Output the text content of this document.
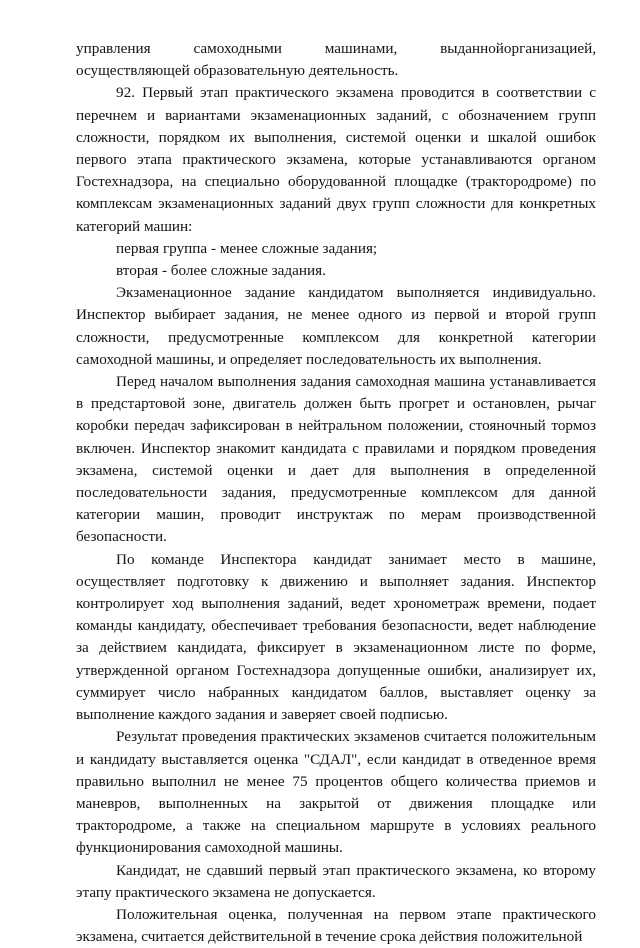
управления самоходными машинами, выданнойорганизацией, осуществляющей образовательную деятельность.

92. Первый этап практического экзамена проводится в соответствии с перечнем и вариантами экзаменационных заданий, с обозначением групп сложности, порядком их выполнения, системой оценки и шкалой ошибок первого этапа практического экзамена, которые устанавливаются органом Гостехнадзора, на специально оборудованной площадке (трактородроме) по комплексам экзаменационных заданий двух групп сложности для конкретных категорий машин:

первая группа - менее сложные задания;

вторая - более сложные задания.

Экзаменационное задание кандидатом выполняется индивидуально. Инспектор выбирает задания, не менее одного из первой и второй групп сложности, предусмотренные комплексом для конкретной категории самоходной машины, и определяет последовательность их выполнения.

Перед началом выполнения задания самоходная машина устанавливается в предстартовой зоне, двигатель должен быть прогрет и остановлен, рычаг коробки передач зафиксирован в нейтральном положении, стояночный тормоз включен. Инспектор знакомит кандидата с правилами и порядком проведения экзамена, системой оценки и дает для выполнения в определенной последовательности задания, предусмотренные комплексом для данной категории машин, проводит инструктаж по мерам производственной безопасности.

По команде Инспектора кандидат занимает место в машине, осуществляет подготовку к движению и выполняет задания. Инспектор контролирует ход выполнения заданий, ведет хронометраж времени, подает команды кандидату, обеспечивает требования безопасности, ведет наблюдение за действием кандидата, фиксирует в экзаменационном листе по форме, утвержденной органом Гостехнадзора допущенные ошибки, анализирует их, суммирует число набранных кандидатом баллов, выставляет оценку за выполнение каждого задания и заверяет своей подписью.

Результат проведения практических экзаменов считается положительным и кандидату выставляется оценка "СДАЛ", если кандидат в отведенное время правильно выполнил не менее 75 процентов общего количества приемов и маневров, выполненных на закрытой от движения площадке или трактородроме, а также на специальном маршруте в условиях реального функционирования самоходной машины.

Кандидат, не сдавший первый этап практического экзамена, ко второму этапу практического экзамена не допускается.

Положительная оценка, полученная на первом этапе практического экзамена, считается действительной в течение срока действия положительной
